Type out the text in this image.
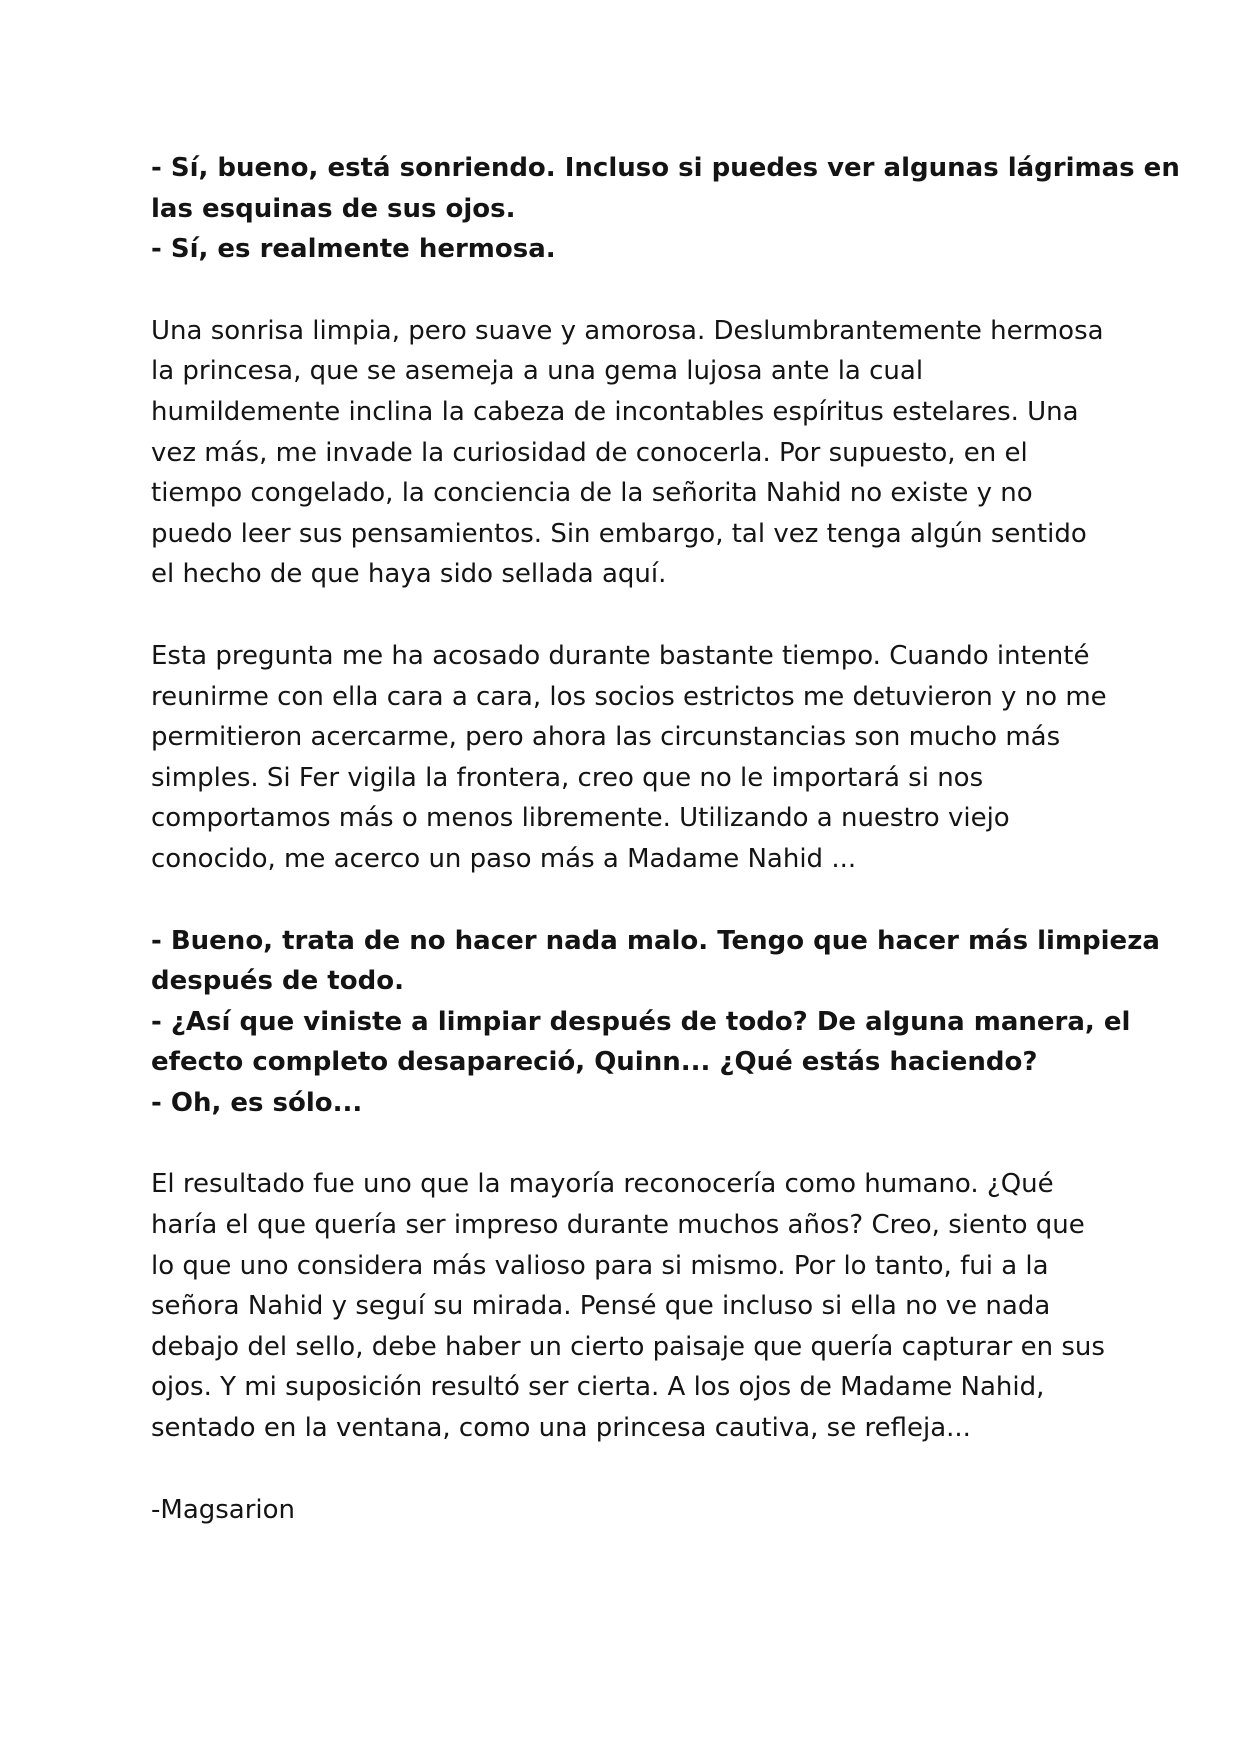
- Sí, bueno, está sonriendo. Incluso si puedes ver algunas lágrimas en
las esquinas de sus ojos.
- Sí, es realmente hermosa.
Una sonrisa limpia, pero suave y amorosa. Deslumbrantemente hermosa
la princesa, que se asemeja a una gema lujosa ante la cual
humildemente inclina la cabeza de incontables espíritus estelares. Una
vez más, me invade la curiosidad de conocerla. Por supuesto, en el
tiempo congelado, la conciencia de la señorita Nahid no existe y no
puedo leer sus pensamientos. Sin embargo, tal vez tenga algún sentido
el hecho de que haya sido sellada aquí.
Esta pregunta me ha acosado durante bastante tiempo. Cuando intenté
reunirme con ella cara a cara, los socios estrictos me detuvieron y no me
permitieron acercarme, pero ahora las circunstancias son mucho más
simples. Si Fer vigila la frontera, creo que no le importará si nos
comportamos más o menos libremente. Utilizando a nuestro viejo
conocido, me acerco un paso más a Madame Nahid ...
- Bueno, trata de no hacer nada malo. Tengo que hacer más limpieza
después de todo.
- ¿Así que viniste a limpiar después de todo? De alguna manera, el
efecto completo desapareció, Quinn... ¿Qué estás haciendo?
- Oh, es sólo...
El resultado fue uno que la mayoría reconocería como humano. ¿Qué
haría el que quería ser impreso durante muchos años? Creo, siento que
lo que uno considera más valioso para si mismo. Por lo tanto, fui a la
señora Nahid y seguí su mirada. Pensé que incluso si ella no ve nada
debajo del sello, debe haber un cierto paisaje que quería capturar en sus
ojos. Y mi suposición resultó ser cierta. A los ojos de Madame Nahid,
sentado en la ventana, como una princesa cautiva, se refleja...
-Magsarion
